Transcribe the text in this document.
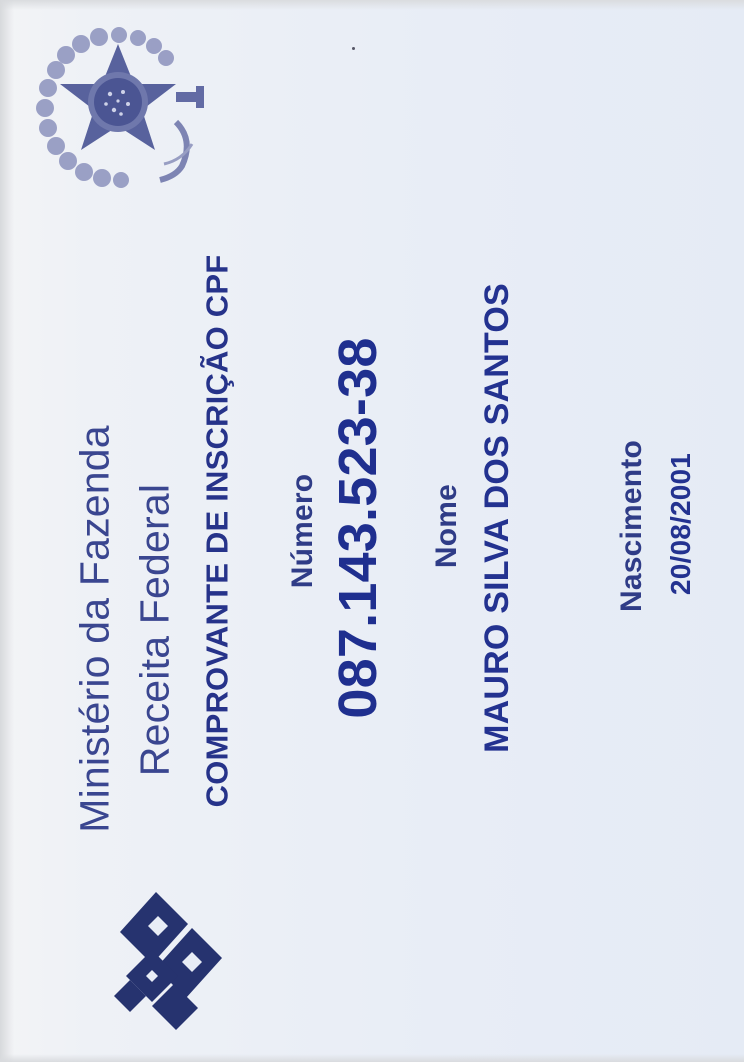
Ministério da Fazenda Receita Federal COMPROVANTE DE INSCRIÇÃO CPF Número 087.143.523-38 Nome MAURO SILVA DOS SANTOS	Nascimento 20/08/2001
